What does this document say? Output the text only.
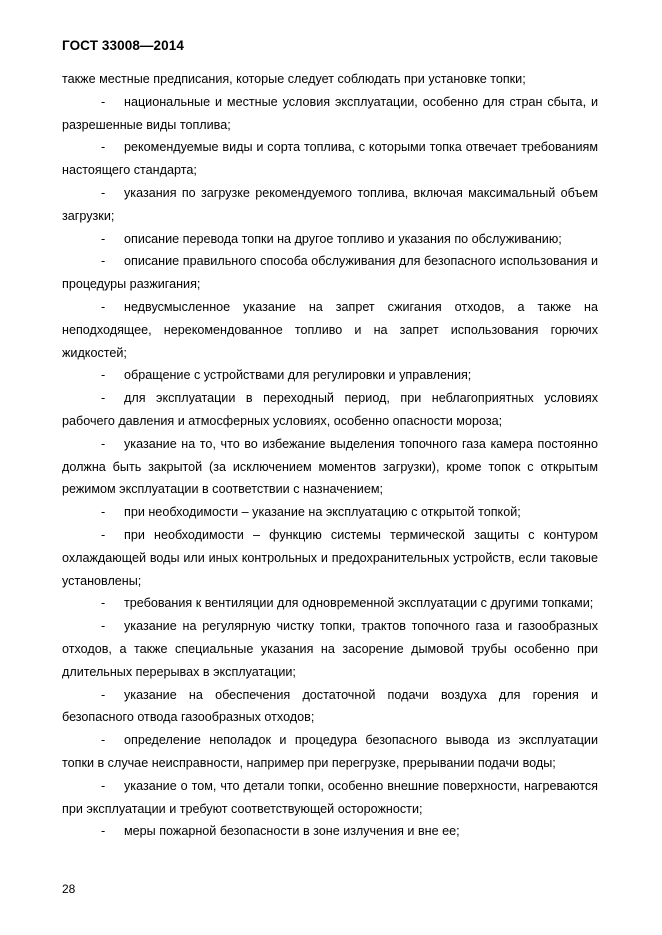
ГОСТ 33008—2014

также местные предписания, которые следует соблюдать при установке топки;

- национальные и местные условия эксплуатации, особенно для стран сбыта, и разрешенные виды топлива;

- рекомендуемые виды и сорта топлива, с которыми топка отвечает требованиям настоящего стандарта;

- указания по загрузке рекомендуемого топлива, включая максимальный объем загрузки;

- описание перевода топки на другое топливо и указания по обслуживанию;

- описание правильного способа обслуживания для безопасного использования и процедуры разжигания;

- недвусмысленное указание на запрет сжигания отходов, а также на неподходящее, нерекомендованное топливо и на запрет использования горючих жидкостей;

- обращение с устройствами для регулировки и управления;

- для эксплуатации в переходный период, при неблагоприятных условиях рабочего давления и атмосферных условиях, особенно опасности мороза;

- указание на то, что во избежание выделения топочного газа камера постоянно должна быть закрытой (за исключением моментов загрузки), кроме топок с открытым режимом эксплуатации в соответствии с назначением;

- при необходимости – указание на эксплуатацию с открытой топкой;

- при необходимости – функцию системы термической защиты с контуром охлаждающей воды или иных контрольных и предохранительных устройств, если таковые установлены;

- требования к вентиляции для одновременной эксплуатации с другими топками;

- указание на регулярную чистку топки, трактов топочного газа и газообразных отходов, а также специальные указания на засорение дымовой трубы особенно при длительных перерывах в эксплуатации;

- указание на обеспечения достаточной подачи воздуха для горения и безопасного отвода газообразных отходов;

- определение неполадок и процедура безопасного вывода из эксплуатации топки в случае неисправности, например при перегрузке, прерывании подачи воды;

- указание о том, что детали топки, особенно внешние поверхности, нагреваются при эксплуатации и требуют соответствующей осторожности;

- меры пожарной безопасности в зоне излучения и вне ее;

28
